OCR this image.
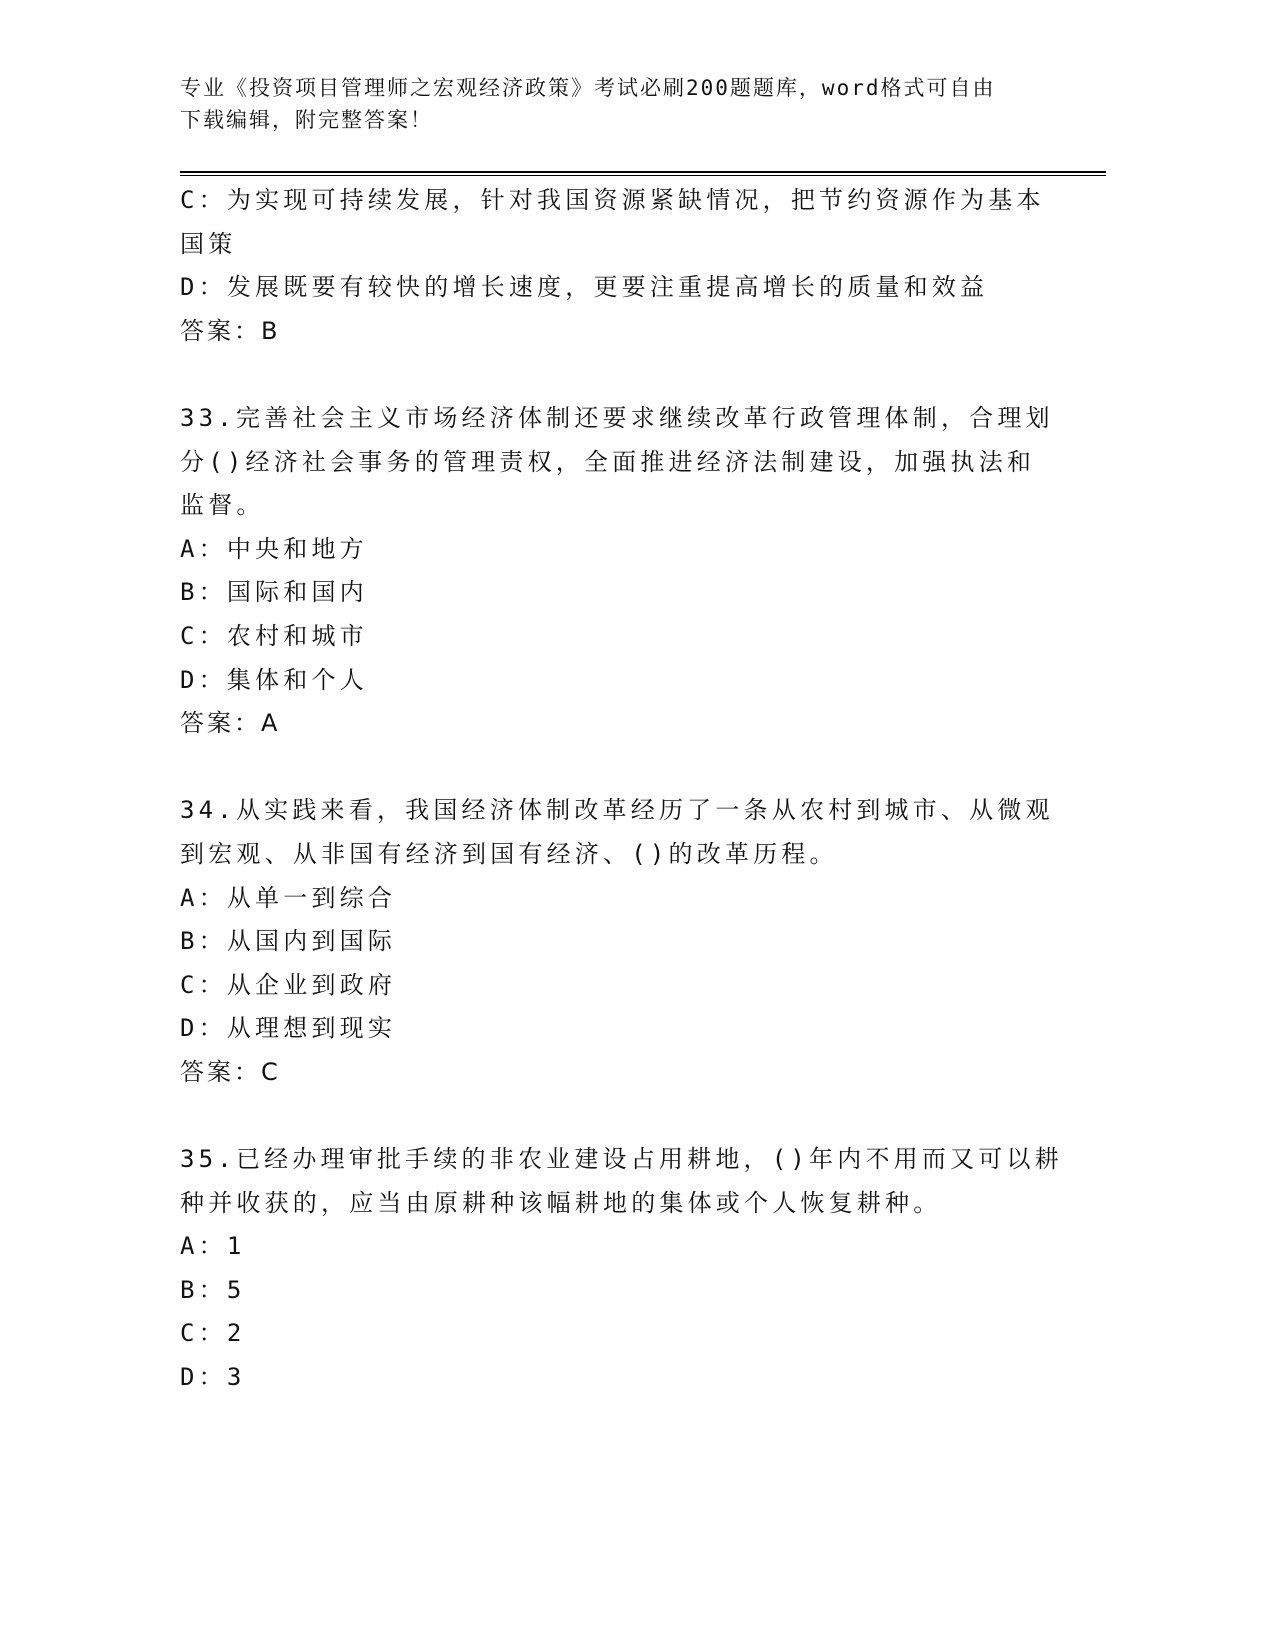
专业《投资项目管理师之宏观经济政策》考试必刷200题题库，word格式可自由
下载编辑，附完整答案！
C：为实现可持续发展，针对我国资源紧缺情况，把节约资源作为基本
国策
D：发展既要有较快的增长速度，更要注重提高增长的质量和效益
答案：B
33.完善社会主义市场经济体制还要求继续改革行政管理体制，合理划
分()经济社会事务的管理责权，全面推进经济法制建设，加强执法和
监督。
A：中央和地方
B：国际和国内
C：农村和城市
D：集体和个人
答案：A
34.从实践来看，我国经济体制改革经历了一条从农村到城市、从微观
到宏观、从非国有经济到国有经济、()的改革历程。
A：从单一到综合
B：从国内到国际
C：从企业到政府
D：从理想到现实
答案：C
35.已经办理审批手续的非农业建设占用耕地，()年内不用而又可以耕
种并收获的，应当由原耕种该幅耕地的集体或个人恢复耕种。
A：1
B：5
C：2
D：3
